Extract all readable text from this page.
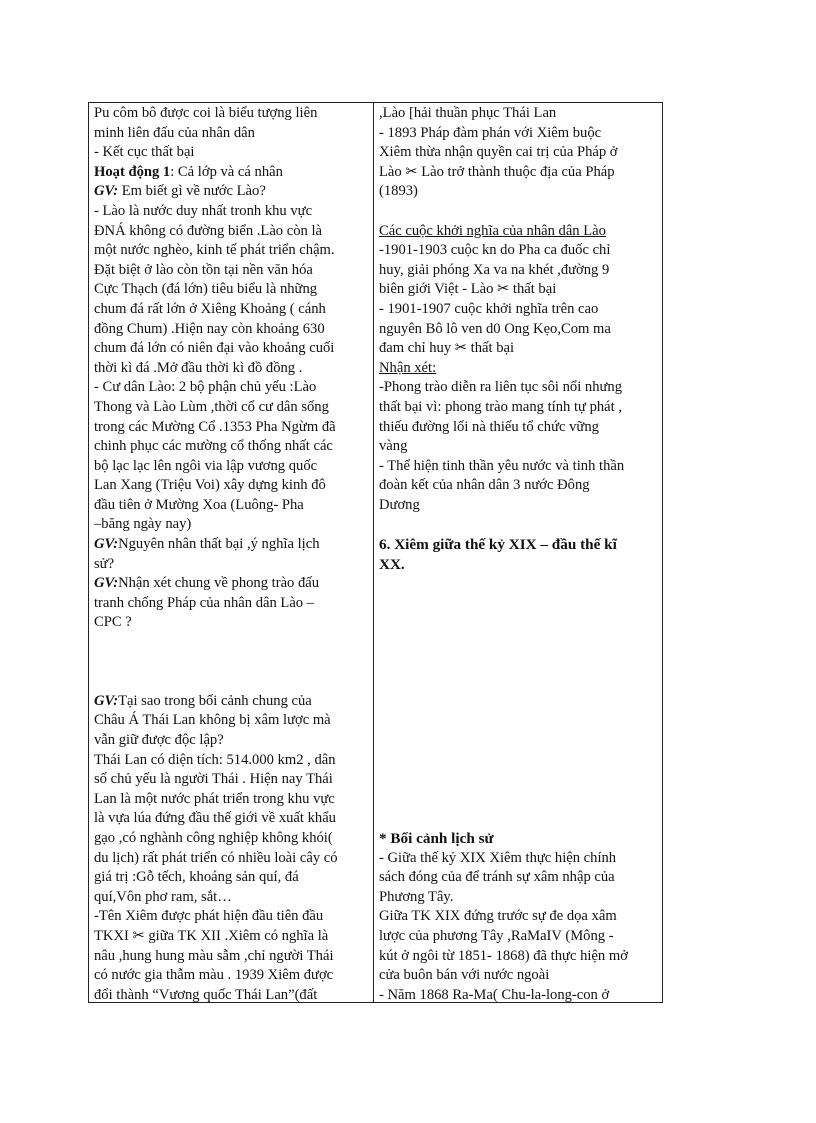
Pu côm bô được coi là biểu tượng liên
minh liên đấu của nhân dân
- Kết cục thất bại
Hoạt động 1: Cả lớp và cá nhân
GV: Em biết gì về nước Lào?
- Lào là nước duy nhất tronh khu vực
ĐNÁ không có đường biển .Lào còn là
một nước nghèo, kinh tế phát triển chậm.
Đặt biệt ở lào còn tồn tại nền văn hóa
Cực Thạch (đá lớn) tiêu biểu là những
chum đá rất lớn ở Xiêng Khoảng ( cánh
đồng Chum) .Hiện nay còn khoảng 630
chum đá lớn có niên đại vào khoảng cuối
thời kì đá .Mở đầu thời kì đồ đồng .
- Cư dân Lào: 2 bộ phận chủ yếu :Lào
Thong và Lào Lùm ,thời cổ cư dân sống
trong các Mường Cổ .1353 Pha Ngừm đã
chinh phục các mường cổ thống nhất các
bộ lạc lạc lên ngôi via lập vương quốc
Lan Xang (Triệu Voi) xây dựng kinh đô
đầu tiên ở Mường Xoa (Luông- Pha
–băng ngày nay)
GV:Nguyên nhân thất bại ,ý nghĩa lịch
sử?
GV:Nhận xét chung về phong trào đấu
tranh chống Pháp của nhân dân Lào –
CPC ?
GV:Tại sao trong bối cảnh chung của
Châu Á Thái Lan không bị xâm lược mà
vẫn giữ được độc lập?
Thái Lan có diện tích: 514.000 km2 , dân
số chủ yếu là người Thái . Hiện nay Thái
Lan là một nước phát triển trong khu vực
là vựa lúa đứng đầu thế giới về xuất khẩu
gạo ,có nghành công nghiệp không khói(
du lịch) rất phát triển có nhiều loài cây có
giá trị :Gỗ tếch, khoáng sản quí, đá
quí,Vôn phơ ram, sắt…
-Tên Xiêm được phát hiện đầu tiên đầu
TKXI ✂ giữa TK XII .Xiêm có nghĩa là
nâu ,hung hung màu sẫm ,chỉ người Thái
có nước gia thẫm màu . 1939 Xiêm được
đổi thành “Vương quốc Thái Lan”(đất
,Lào [hải thuần phục Thái Lan
- 1893 Pháp đàm phán với Xiêm buộc
Xiêm thừa nhận quyền cai trị của Pháp ở
Lào ✂ Lào trở thành thuộc địa của Pháp
(1893)
Các cuộc khởi nghĩa của nhân dân Lào
-1901-1903 cuộc kn do Pha ca đuốc chỉ
huy, giải phóng Xa va na khét ,đường 9
biên giới Việt - Lào ✂ thất bại
- 1901-1907 cuộc khởi nghĩa trên cao
nguyên Bô lô ven d0 Ong Kẹo,Com ma
đam chỉ huy ✂ thất bại
Nhận xét:
-Phong trào diễn ra liên tục sôi nổi nhưng
thất bại vì: phong trào mang tính tự phát ,
thiếu đường lối nà thiếu tổ chức vững
vàng
- Thể hiện tinh thần yêu nước và tinh thần
đoàn kết của nhân dân 3 nước Đông
Dương
6. Xiêm giữa thế kỷ XIX – đầu thế kĩ
XX.
* Bối cảnh lịch sử
- Giữa thế kỷ XIX Xiêm thực hiện chính
sách đóng của để tránh sự xâm nhập của
Phương Tây.
Giữa TK XIX đứng trước sự đe dọa xâm
lược của phương Tây ,RaMaIV (Mông -
kút ở ngôi từ 1851- 1868) đã thực hiện mở
cửa buôn bán với nước ngoài
- Năm 1868 Ra-Ma( Chu-la-long-con ở
